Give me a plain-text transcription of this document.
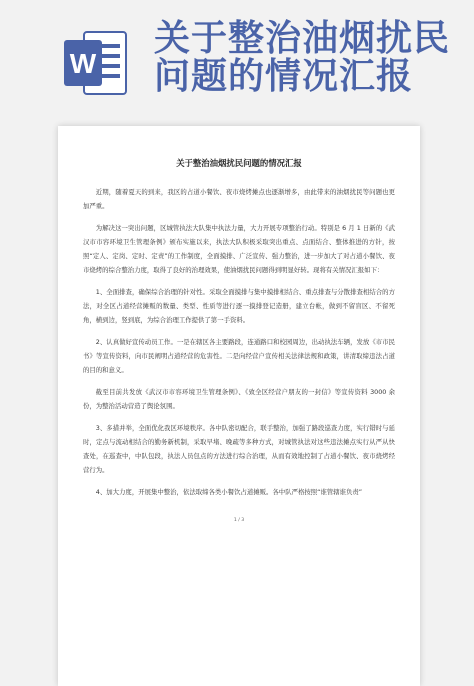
W
关于整治油烟扰民
问题的情况汇报
关于整治油烟扰民问题的情况汇报

近期，随着夏天的到来，我区的占道小餐饮、夜市烧烤摊点也逐渐增多，由此带来的油烟扰民等问题也更加严重。

为解决这一突出问题，区城管执法大队集中执法力量，大力开展专项整治行动。特别是 6 月 1 日新的《武汉市市容环境卫生管理条例》颁布实施以来，执法大队积极采取突出重点、点面结合、整体推进的方针，按照“定人、定岗、定时、定责”的工作制度，全面摸排、广泛宣传、强力整治，进一步加大了对占道小餐饮、夜市烧烤的综合整治力度，取得了良好的治理效果，使油烟扰民问题得到明显好转。现将有关情况汇报如下：

1、全面排查，确保综合治理的针对性。采取全面摸排与集中摸排相结合、重点排查与分散排查相结合的方法，对全区占道经营摊贩的数量、类型、性质等进行逐一摸排登记造册，建立台帐，做到不留盲区、不留死角，横到边，竖到底，为综合治理工作提供了第一手资料。

2、认真做好宣传动员工作。一是在辖区各主要路段，连通路口和校园周边，出动执法车辆，发放《市市民书》等宣传资料，向市民阐明占道经营的危害性。二是向经营户宣传相关法律法规和政策，讲清取缔违法占道的目的和意义。

截至目前共发放《武汉市市容环境卫生管理条例》、《致全区经营户朋友的一封信》等宣传资料 3000 余份，为整治活动营造了舆论氛围。

3、多措并举，全面优化我区环境秩序。各中队密切配合，联手整治，加强了路段巡查力度，实行错时与延时，定点与流动相结合的勤务新机制，采取早堵、晚疏等多种方式，对城管执法对这些违法摊点实行从严从快查处，在巡查中，中队包段，执法人员包点的方法进行综合治理，从而有效地控制了占道小餐饮、夜市烧烤经营行为。

4、加大力度，开展集中整治，依法取缔各类小餐饮占道摊贩。各中队严格按照“谁管辖谁负责”

1 / 3
